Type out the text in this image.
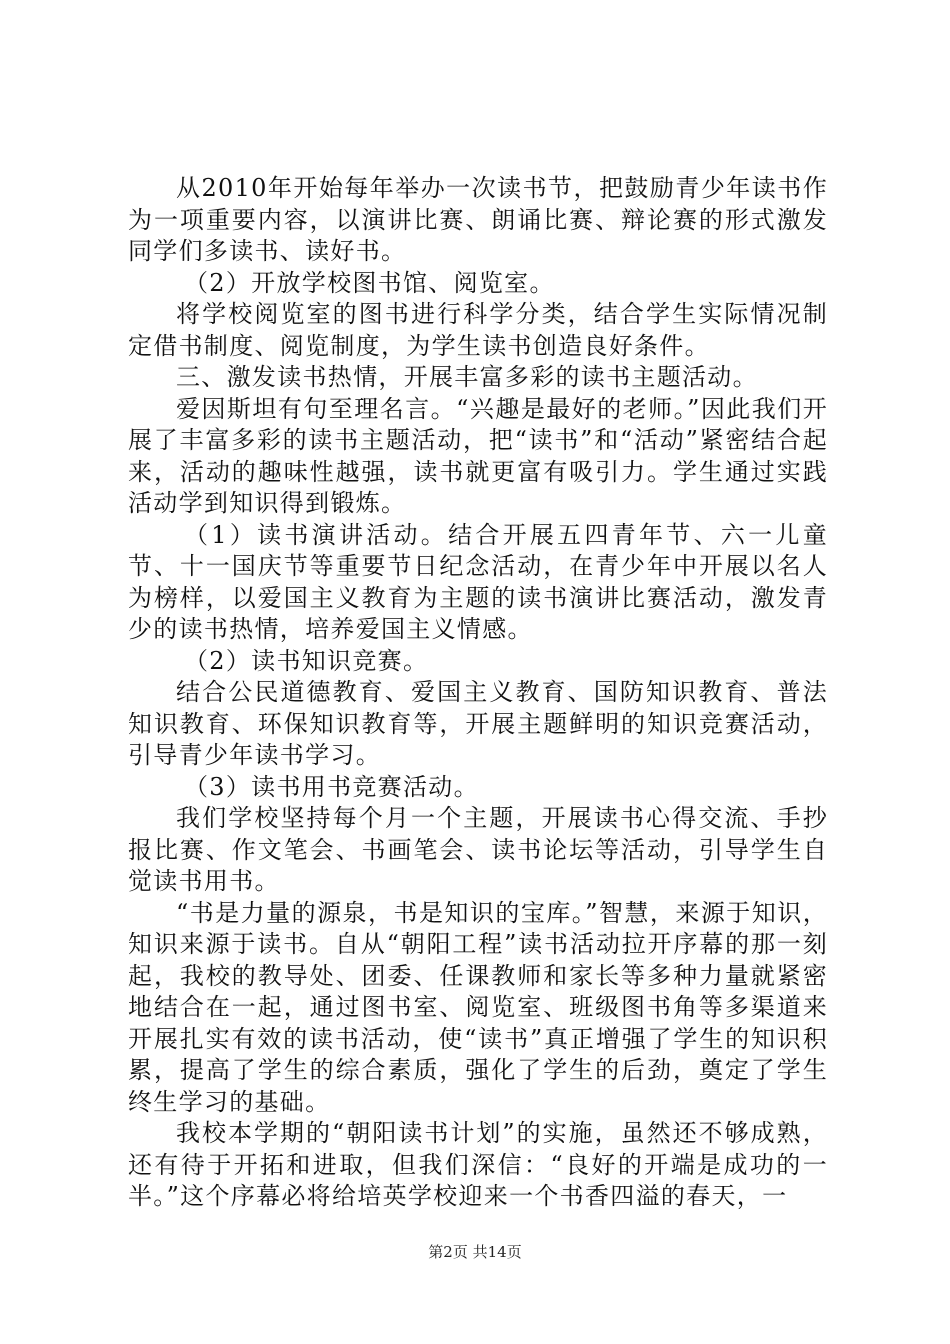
从2010年开始每年举办一次读书节，把鼓励青少年读书作为一项重要内容，以演讲比赛、朗诵比赛、辩论赛的形式激发同学们多读书、读好书。

（2）开放学校图书馆、阅览室。

将学校阅览室的图书进行科学分类，结合学生实际情况制定借书制度、阅览制度，为学生读书创造良好条件。

三、激发读书热情，开展丰富多彩的读书主题活动。

爱因斯坦有句至理名言。“兴趣是最好的老师。”因此我们开展了丰富多彩的读书主题活动，把“读书”和“活动”紧密结合起来，活动的趣味性越强，读书就更富有吸引力。学生通过实践活动学到知识得到锻炼。

（1）读书演讲活动。结合开展五四青年节、六一儿童节、十一国庆节等重要节日纪念活动，在青少年中开展以名人为榜样，以爱国主义教育为主题的读书演讲比赛活动，激发青少的读书热情，培养爱国主义情感。

（2）读书知识竞赛。

结合公民道德教育、爱国主义教育、国防知识教育、普法知识教育、环保知识教育等，开展主题鲜明的知识竞赛活动，引导青少年读书学习。

（3）读书用书竞赛活动。

我们学校坚持每个月一个主题，开展读书心得交流、手抄报比赛、作文笔会、书画笔会、读书论坛等活动，引导学生自觉读书用书。

“书是力量的源泉，书是知识的宝库。”智慧，来源于知识，知识来源于读书。自从“朝阳工程”读书活动拉开序幕的那一刻起，我校的教导处、团委、任课教师和家长等多种力量就紧密地结合在一起，通过图书室、阅览室、班级图书角等多渠道来开展扎实有效的读书活动，使“读书”真正增强了学生的知识积累，提高了学生的综合素质，强化了学生的后劲，奠定了学生终生学习的基础。

我校本学期的“朝阳读书计划”的实施，虽然还不够成熟，还有待于开拓和进取，但我们深信：“良好的开端是成功的一半。”这个序幕必将给培英学校迎来一个书香四溢的春天，一

第2页 共14页
